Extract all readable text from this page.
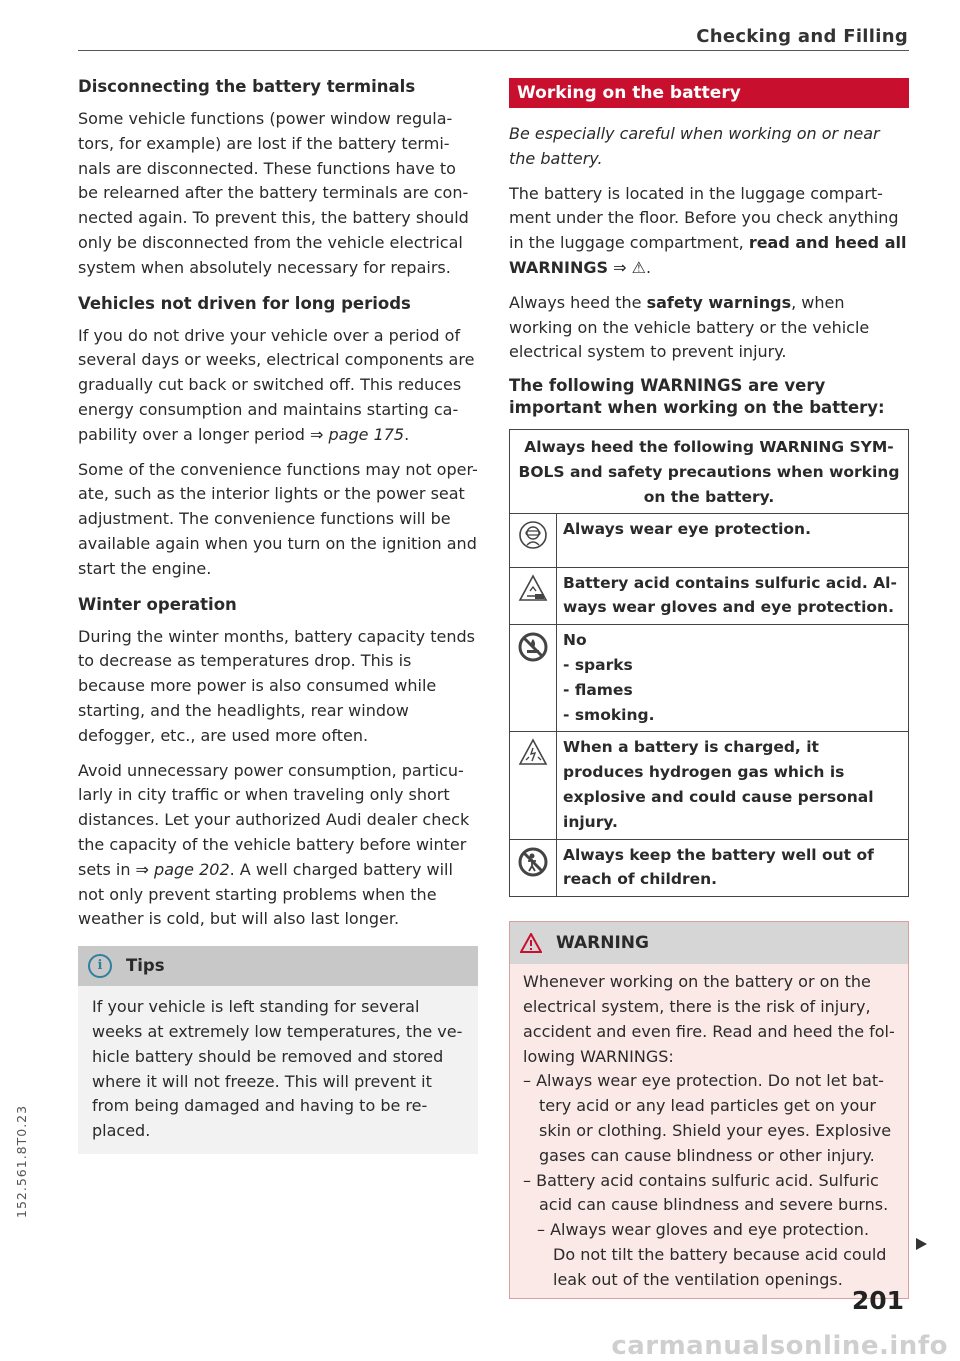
Checking and Filling
Disconnecting the battery terminals

Some vehicle functions (power window regula-tors, for example) are lost if the battery termi-nals are disconnected. These functions have to be relearned after the battery terminals are con-nected again. To prevent this, the battery should only be disconnected from the vehicle electrical system when absolutely necessary for repairs.

Vehicles not driven for long periods

If you do not drive your vehicle over a period of several days or weeks, electrical components are gradually cut back or switched off. This reduces energy consumption and maintains starting ca-pability over a longer period ⇒ page 175.

Some of the convenience functions may not oper-ate, such as the interior lights or the power seat adjustment. The convenience functions will be available again when you turn on the ignition and start the engine.

Winter operation

During the winter months, battery capacity tends to decrease as temperatures drop. This is because more power is also consumed while starting, and the headlights, rear window defogger, etc., are used more often.

Avoid unnecessary power consumption, particu-larly in city traffic or when traveling only short distances. Let your authorized Audi dealer check the capacity of the vehicle battery before winter sets in ⇒ page 202. A well charged battery will not only prevent starting problems when the weather is cold, but will also last longer.

i	Tips
If your vehicle is left standing for several weeks at extremely low temperatures, the ve-hicle battery should be removed and stored where it will not freeze. This will prevent it from being damaged and having to be re-placed.
Working on the battery

Be especially careful when working on or near the battery.

The battery is located in the luggage compart-ment under the floor. Before you check anything in the luggage compartment, read and heed all WARNINGS ⇒ ⚠.

Always heed the safety warnings, when working on the vehicle battery or the vehicle electrical system to prevent injury.

The following WARNINGS are very important when working on the battery:
Always heed the following WARNING SYM-BOLS and safety precautions when working on the battery.	
	Always wear eye protection.
	Battery acid contains sulfuric acid. Al-ways wear gloves and eye protection.

No
- sparks
- flames
- smoking.

	When a battery is charged, it produces hydrogen gas which is explosive and could cause personal injury.
	Always keep the battery well out of reach of children.
WARNING

Whenever working on the battery or on the electrical system, there is the risk of injury, accident and even fire. Read and heed the fol-lowing WARNINGS:

– Always wear eye protection. Do not let bat-tery acid or any lead particles get on your skin or clothing. Shield your eyes. Explosive gases can cause blindness or other injury.

– Battery acid contains sulfuric acid. Sulfuric acid can cause blindness and severe burns.

– Always wear gloves and eye protection. Do not tilt the battery because acid could leak out of the ventilation openings.

201
152.561.8T0.23
carmanualsonline.info
